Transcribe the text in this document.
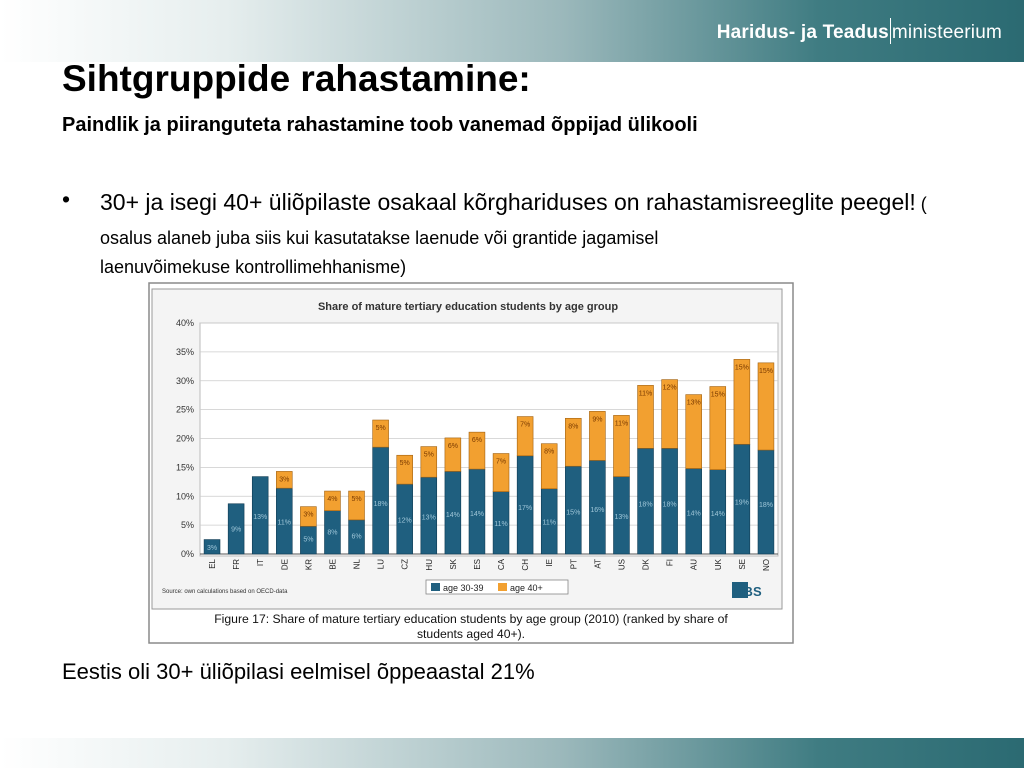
Haridus- ja Teadus ministeerium
Sihtgruppide rahastamine:
Paindlik ja piiranguteta rahastamine toob vanemad õppijad ülikooli
• 30+ ja isegi 40+ üliõpilaste osakaal kõrghariduses on rahastamisreeglite peegel! ( osalus alaneb juba siis kui kasutatakse laenude või grantide jagamisel
laenuvõimekuse kontrollimehhanisme)
Share of mature tertiary education students by age group
0%
5%
10%
15%
20%
25%
30%
35%
40%
3%
9%
13%
3%
11%
3%
5%
4%
8%
5%
6%
5%
18%
5%
12%
5%
13%
6%
14%
6%
14%
7%
11%
7%
17%
8%
11%
8%
15%
9%
16%
11%
13%
11%
18%
12%
18%
13%
14%
15%
14%
15%
19%
15%
18%
EL FR IT DE KR BE NL LU CZ HU SK ES CA CH IE PT AT US DK FI AU UK SE NO
age 30-39	age 40+
Source: own calculations based on OECD-data	FiBS
Figure 17: Share of mature tertiary education students by age group (2010) (ranked by share of
students aged 40+).
Eestis oli 30+ üliõpilasi eelmisel õppeaastal 21%
